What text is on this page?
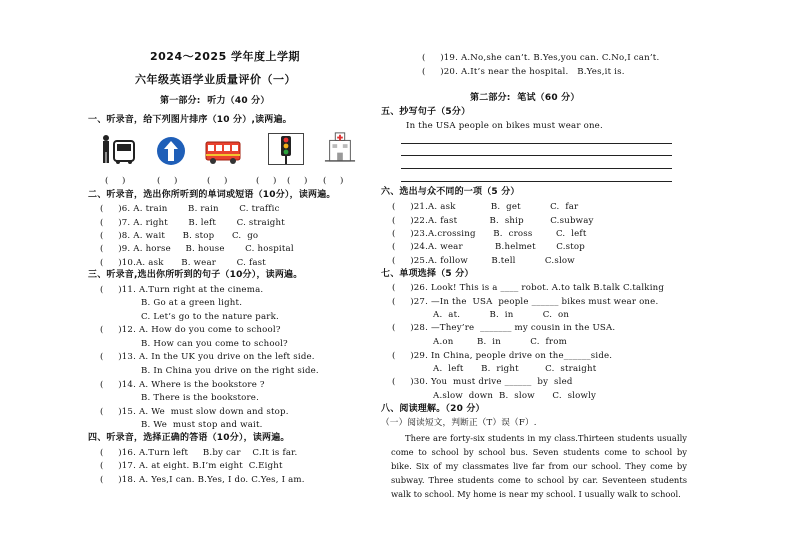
2024～2025 学年度上学期
六年级英语学业质量评价（一）
第一部分:  听力（40 分）
一、听录音，给下列图片排序（10 分）,读两遍。
(     )	(     )	(     )	(     ) (     ) (     )
二、听录音，选出你所听到的单词或短语（10分），读两遍。
(     )6. A. train       B. rain       C. traffic
(     )7. A. right       B. left       C. straight
(     )8. A. wait      B. stop      C.  go
(     )9. A. horse     B. house       C. hospital
(     )10.A. ask      B. wear       C. fast
三、听录音,选出你所听到的句子（10分），读两遍。
(     )11. A.Turn right at the cinema.
B. Go at a green light.
C. Let’s go to the nature park.
(     )12. A. How do you come to school?
B. How can you come to school?
(     )13. A. In the UK you drive on the left side.
B. In China you drive on the right side.
(     )14. A. Where is the bookstore ?
B. There is the bookstore.
(     )15. A. We  must slow down and stop.
B. We  must stop and wait.
四、听录音，选择正确的答语（10分），读两遍。
(     )16. A.Turn left     B.by car    C.It is far.
(     )17. A. at eight. B.I’m eight  C.Eight
(     )18. A. Yes,I can. B.Yes, I do. C.Yes, I am.
(     )19. A.No,she can’t. B.Yes,you can. C.No,I can’t.
(     )20. A.It’s near the hospital.   B.Yes,it is.
第二部分:  笔试（60 分）
五、抄写句子（5分）
In the USA people on bikes must wear one.
六、选出与众不同的一项（5 分）
(     )21.A. ask            B.  get          C.  far
(     )22.A. fast           B.  ship         C.subway
(     )23.A.crossing      B.  cross        C.  left
(     )24.A. wear           B.helmet       C.stop
(     )25.A. follow        B.tell          C.slow
七、单项选择（5 分）
(     )26. Look! This is a ____ robot. A.to talk B.talk C.talking
(     )27. —In the  USA  people ______ bikes must wear one.
A.  at.          B.  in          C.  on
(     )28. —They’re  _______ my cousin in the USA.
A.on        B.  in          C.  from
(     )29. In China, people drive on the______side.
A.  left      B.  right         C.  straight
(     )30. You  must drive ______  by  sled
A.slow  down  B.  slow      C.  slowly
八、阅读理解。（20 分）
（一）阅读短文，判断正（T）误（F）.
There are forty-six students in my class.Thirteen students usually come to school by school bus. Seven students come to school by bike. Six of my classmates live far from our school. They come by subway. Three students come to school by car. Seventeen students walk to school. My home is near my school. I usually walk to school.
